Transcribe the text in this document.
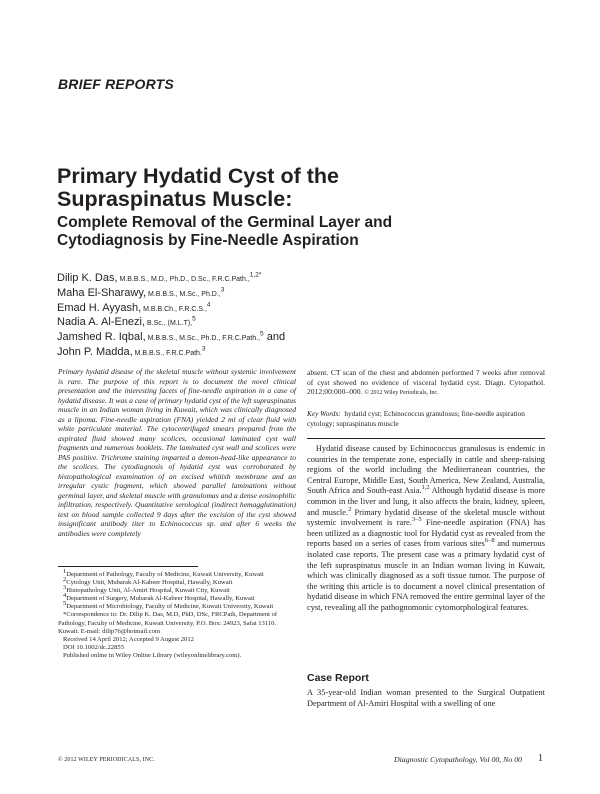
BRIEF REPORTS
Primary Hydatid Cyst of the Supraspinatus Muscle:
Complete Removal of the Germinal Layer and Cytodiagnosis by Fine-Needle Aspiration
Dilip K. Das, M.B.B.S., M.D., Ph.D., D.Sc., F.R.C.Path.,$^{1,2*}$
Maha El-Sharawy, M.B.B.S., M.Sc., Ph.D.,$^3$
Emad H. Ayyash, M.B.B.Ch., F.R.C.S.,$^4$
Nadia A. Al-Enezi, B.Sc., (M.L.T),$^5$
Jamshed R. Iqbal, M.B.B.S., M.Sc., Ph.D., F.R.C.Path.,$^5$ and
John P. Madda, M.B.B.S., F.R.C.Path.$^3$
Primary hydatid disease of the skeletal muscle without systemic involvement is rare. The purpose of this report is to document the novel clinical presentation and the interesting facets of fine-needle aspiration in a case of hydatid disease. It was a case of primary hydatid cyst of the left supraspinatus muscle in an Indian woman living in Kuwait, which was clinically diagnosed as a lipoma. Fine-needle aspiration (FNA) yielded 2 ml of clear fluid with white particulate material. The cytocentrifuged smears prepared from the aspirated fluid showed many scolices, occasional laminated cyst wall fragments and numerous hooklets. The laminated cyst wall and scolices were PAS positive. Trichrome staining imparted a demon-head-like appearance to the scolices. The cytodiagnosis of hydatid cyst was corroborated by histopathological examination of an excised whitish membrane and an irregular cystic fragment, which showed parallel laminations without germinal layer, and skeletal muscle with granulomas and a dense eosinophilic infiltration, respectively. Quantitative serological (indirect hemagglutination) test on blood sample collected 9 days after the excision of the cyst showed insignificant antibody titer to Echinococcus sp. and after 6 weeks the antibodies were completely

1Department of Pathology, Faculty of Medicine, Kuwait University, Kuwait

2Cytology Unit, Mubarak Al-Kabeer Hospital, Hawally, Kuwait

3Histopathology Unit, Al-Amiri Hospital, Kuwait City, Kuwait

4Department of Surgery, Mubarak Al-Kabeer Hospital, Hawally, Kuwait

5Department of Microbiology, Faculty of Medicine, Kuwait University, Kuwait

*Correspondence to: Dr. Dilip K. Das, M.D, PhD, DSc, FRCPath, Department of Pathology, Faculty of Medicine, Kuwait University, P.O. Box: 24923, Safat 13110. Kuwait. E-mail: dilip76@hotmail.com

Received 14 April 2012; Accepted 9 August 2012

DOI 10.1002/dc.22855

Published online in Wiley Online Library (wileyonlinelibrary.com).

absent. CT scan of the chest and abdomen performed 7 weeks after removal of cyst showed no evidence of visceral hydatid cyst. Diagn. Cytopathol. 2012;00:000–000. © 2012 Wiley Periodicals, Inc.
Key Words: hydatid cyst; Echinococcus granulosus; fine-needle aspiration cytology; supraspinatus muscle

Hydatid disease caused by Echinococcus granulosus is endemic in countries in the temperate zone, especially in cattle and sheep-raising regions of the world including the Mediterranean countries, the Central Europe, Middle East, South America, New Zealand, Australia, South Africa and South-east Asia.$^{1,2}$ Although hydatid disease is more common in the liver and lung, it also affects the brain, kidney, spleen, and muscle.$^2$ Primary hydatid disease of the skeletal muscle without systemic involvement is rare.$^{3-5}$ Fine-needle aspiration (FNA) has been utilized as a diagnostic tool for Hydatid cyst as revealed from the reports based on a series of cases from various sites$^{6-8}$ and numerous isolated case reports. The present case was a primary hydatid cyst of the left supraspinatus muscle in an Indian woman living in Kuwait, which was clinically diagnosed as a soft tissue tumor. The purpose of the writing this article is to document a novel clinical presentation of hydatid disease in which FNA removed the entire germinal layer of the cyst, revealing all the pathognomonic cytomorphological features.

Case Report
A 35-year-old Indian woman presented to the Surgical Outpatient Department of Al-Amiri Hospital with a swelling of one
© 2012 WILEY PERIODICALS, INC.	Diagnostic Cytopathology, Vol 00, No 00 1
